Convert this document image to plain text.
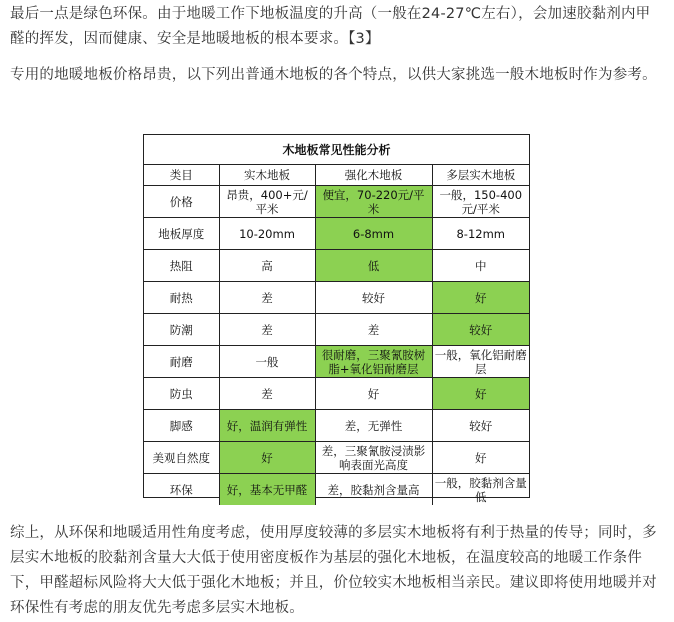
最后一点是绿色环保。由于地暖工作下地板温度的升高（一般在24-27℃左右），会加速胶黏剂内甲醛的挥发，因而健康、安全是地暖地板的根本要求。【3】
专用的地暖地板价格昂贵，以下列出普通木地板的各个特点，以供大家挑选一般木地板时作为参考。
木地板常见性能分析
类目	实木地板	强化木地板	多层实木地板
价格	昂贵，400+元/平米	便宜，70-220元/平米	一般，150-400元/平米
地板厚度	10-20mm	6-8mm	8-12mm
热阻	高	低	中
耐热	差	较好	好
防潮	差	差	较好
耐磨	一般	很耐磨，三聚氰胺树脂+氧化铝耐磨层	一般，氧化铝耐磨层
防虫	差	好	好
脚感	好，温润有弹性	差，无弹性	较好
美观自然度	好	差，三聚氰胺浸渍影响表面光高度	好
环保	好，基本无甲醛	差，胶黏剂含量高	一般，胶黏剂含量低
综上，从环保和地暖适用性角度考虑，使用厚度较薄的多层实木地板将有利于热量的传导；同时，多层实木地板的胶黏剂含量大大低于使用密度板作为基层的强化木地板，在温度较高的地暖工作条件下，甲醛超标风险将大大低于强化木地板；并且，价位较实木地板相当亲民。建议即将使用地暖并对环保性有考虑的朋友优先考虑多层实木地板。
